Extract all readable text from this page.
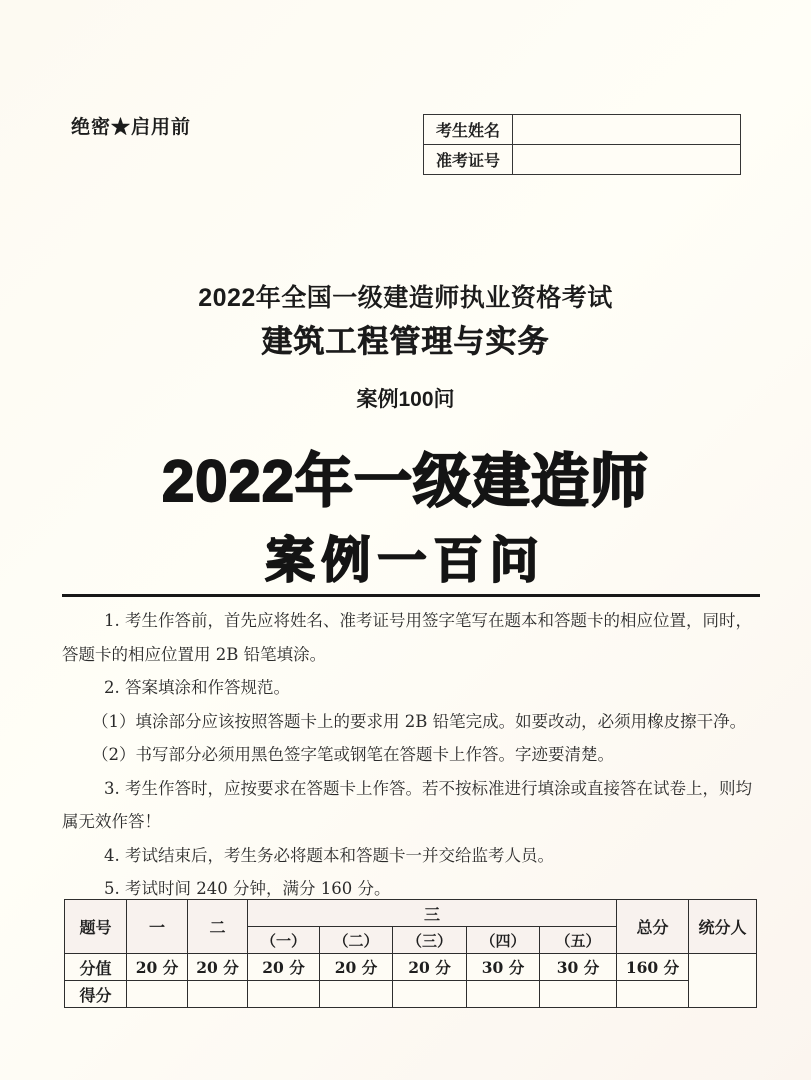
绝密★启用前	考生姓名	
准考证号	
2022年全国一级建造师执业资格考试
建筑工程管理与实务
案例100问
2022年一级建造师
案例一百问
1. 考生作答前，首先应将姓名、准考证号用签字笔写在题本和答题卡的相应位置，同时，
答题卡的相应位置用 2B 铅笔填涂。
2. 答案填涂和作答规范。
（1）填涂部分应该按照答题卡上的要求用 2B 铅笔完成。如要改动，必须用橡皮擦干净。
（2）书写部分必须用黑色签字笔或钢笔在答题卡上作答。字迹要清楚。
3. 考生作答时，应按要求在答题卡上作答。若不按标准进行填涂或直接答在试卷上，则均
属无效作答！
4. 考试结束后，考生务必将题本和答题卡一并交给监考人员。
5. 考试时间 240 分钟，满分 160 分。
题号	一	二	三					总分	统分人
			（一）	（二）	（三）	（四）	（五）		
分值	20 分	20 分	20 分	20 分	20 分	30 分	30 分	160 分	
得分									
